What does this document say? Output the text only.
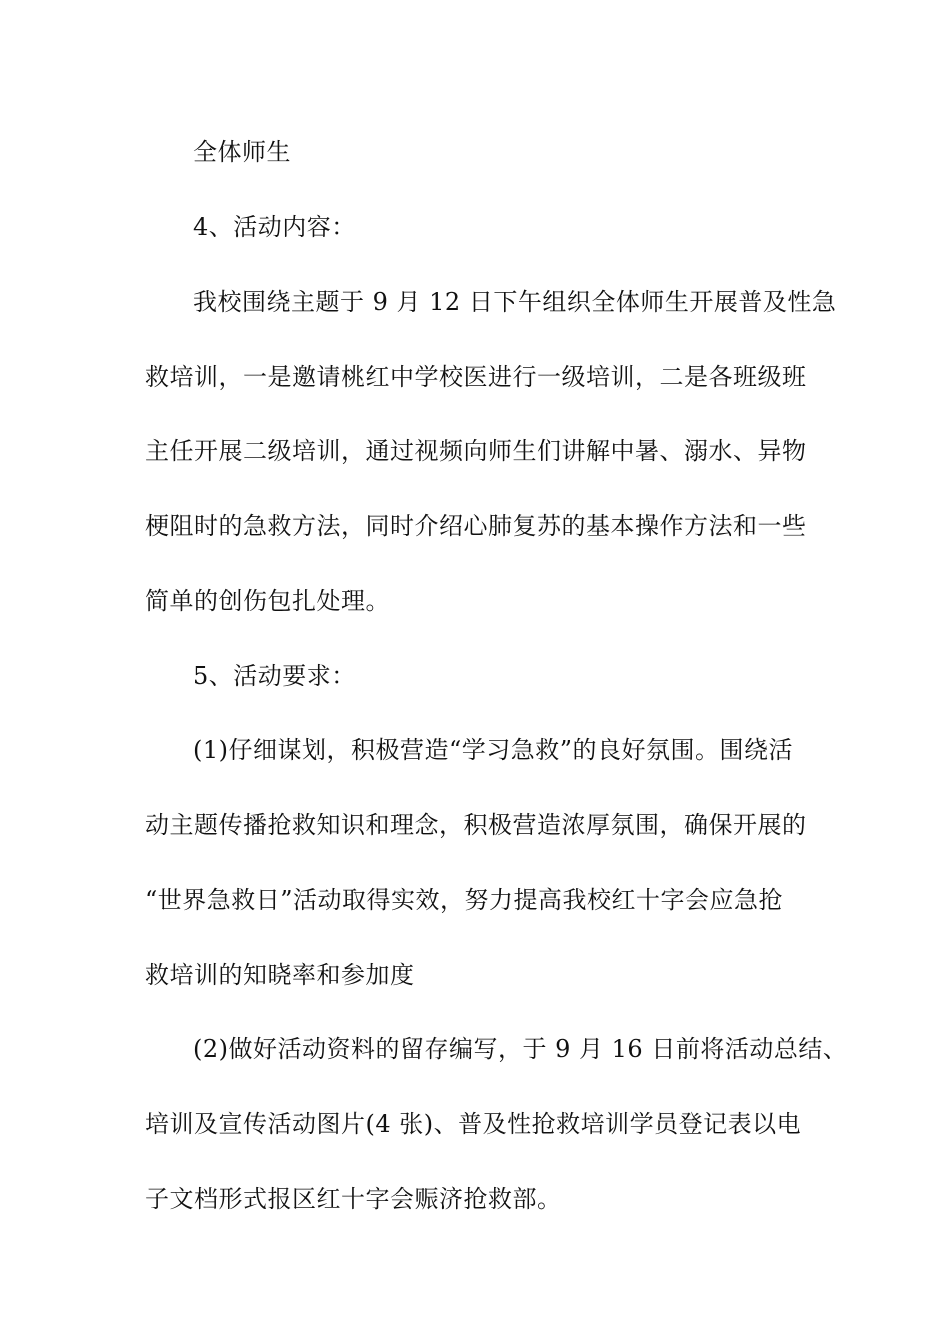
全体师生
4、活动内容：
我校围绕主题于 9 月 12 日下午组织全体师生开展普及性急
救培训，一是邀请桃红中学校医进行一级培训，二是各班级班
主任开展二级培训，通过视频向师生们讲解中暑、溺水、异物
梗阻时的急救方法，同时介绍心肺复苏的基本操作方法和一些
简单的创伤包扎处理。
5、活动要求：
(1)仔细谋划，积极营造“学习急救”的良好氛围。围绕活
动主题传播抢救知识和理念，积极营造浓厚氛围，确保开展的
“世界急救日”活动取得实效，努力提高我校红十字会应急抢
救培训的知晓率和参加度
(2)做好活动资料的留存编写，于 9 月 16 日前将活动总结、
培训及宣传活动图片(4 张)、普及性抢救培训学员登记表以电
子文档形式报区红十字会赈济抢救部。
